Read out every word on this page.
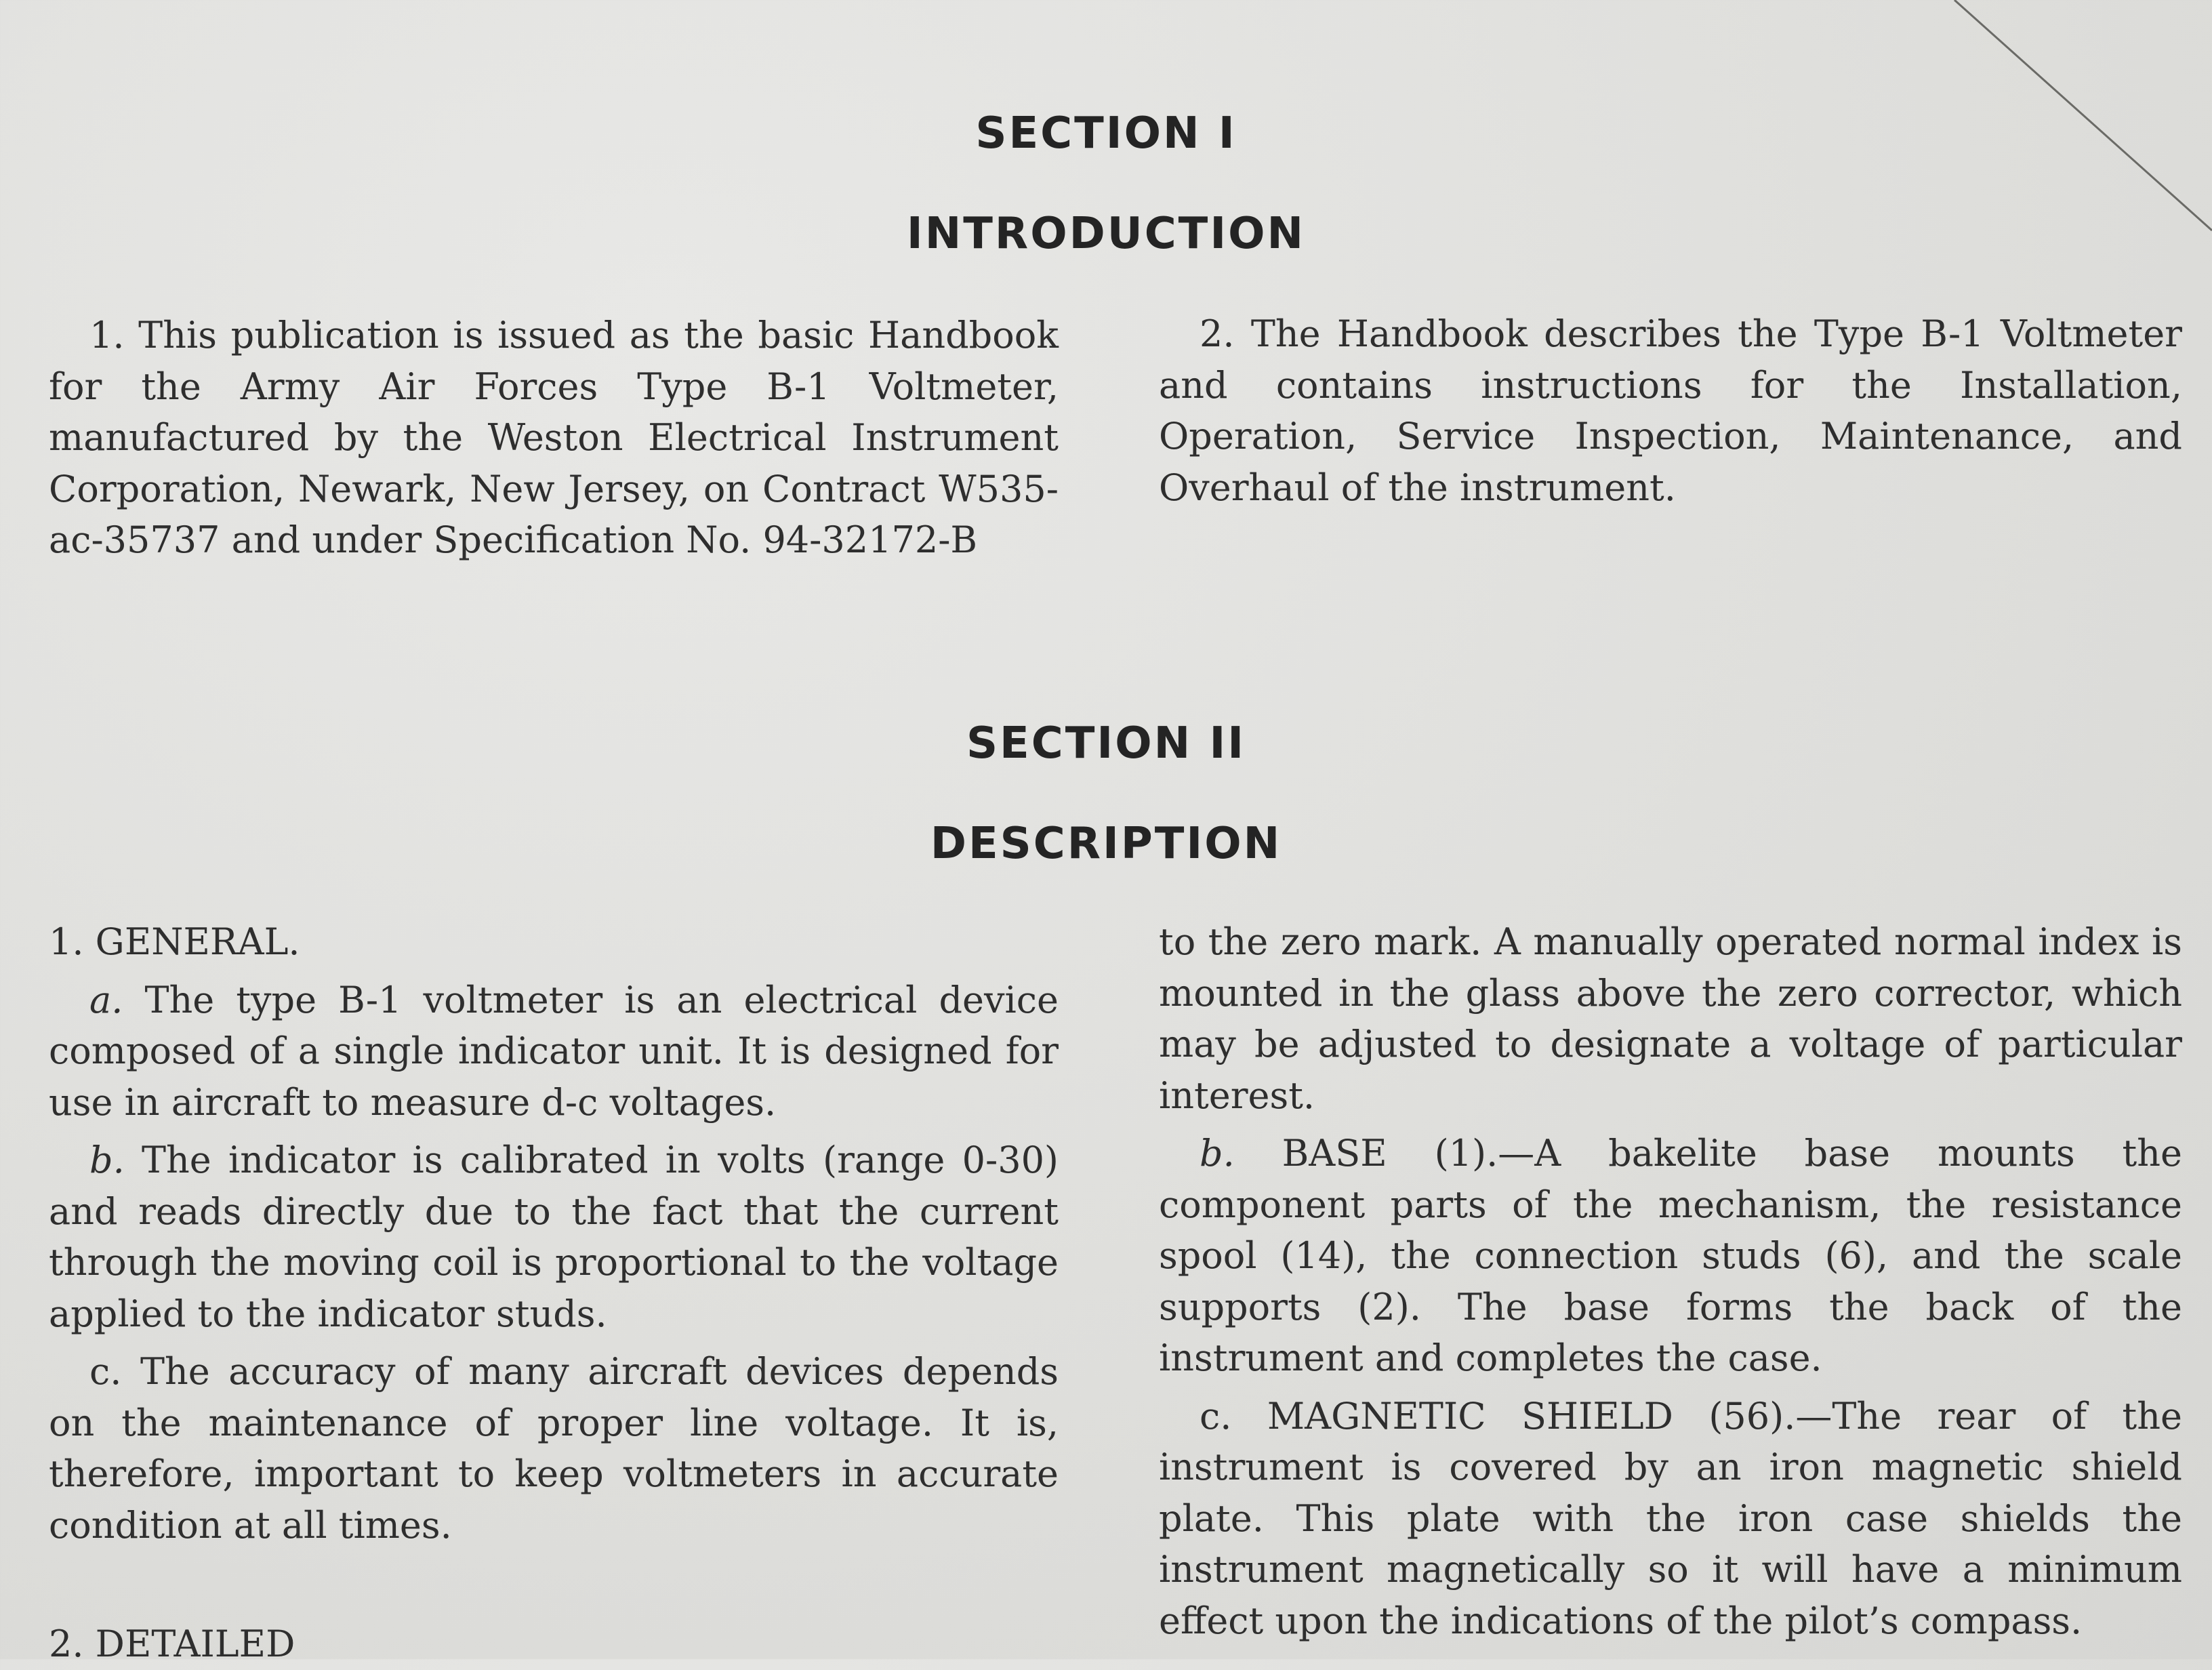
SECTION I
INTRODUCTION

1. This publication is issued as the basic Handbook for the Army Air Forces Type B-1 Voltmeter, manufactured by the Weston Electrical Instrument Corporation, Newark, New Jersey, on Contract W535-ac-35737 and under Specification No. 94-32172-B

2. The Handbook describes the Type B-1 Voltmeter and contains instructions for the Installation, Operation, Service Inspection, Maintenance, and Overhaul of the instrument.

SECTION II
DESCRIPTION

1. GENERAL.

a. The type B-1 voltmeter is an electrical device composed of a single indicator unit. It is designed for use in aircraft to measure d-c voltages.

b. The indicator is calibrated in volts (range 0-30) and reads directly due to the fact that the current through the moving coil is proportional to the voltage applied to the indicator studs.

c. The accuracy of many aircraft devices depends on the maintenance of proper line voltage. It is, therefore, important to keep voltmeters in accurate condition at all times.

2. DETAILED

to the zero mark. A manually operated normal index is mounted in the glass above the zero corrector, which may be adjusted to designate a voltage of particular interest.

b. BASE (1).—A bakelite base mounts the component parts of the mechanism, the resistance spool (14), the connection studs (6), and the scale supports (2). The base forms the back of the instrument and completes the case.

c. MAGNETIC SHIELD (56).—The rear of the instrument is covered by an iron magnetic shield plate. This plate with the iron case shields the instrument magnetically so it will have a minimum effect upon the indications of the pilot’s compass.
